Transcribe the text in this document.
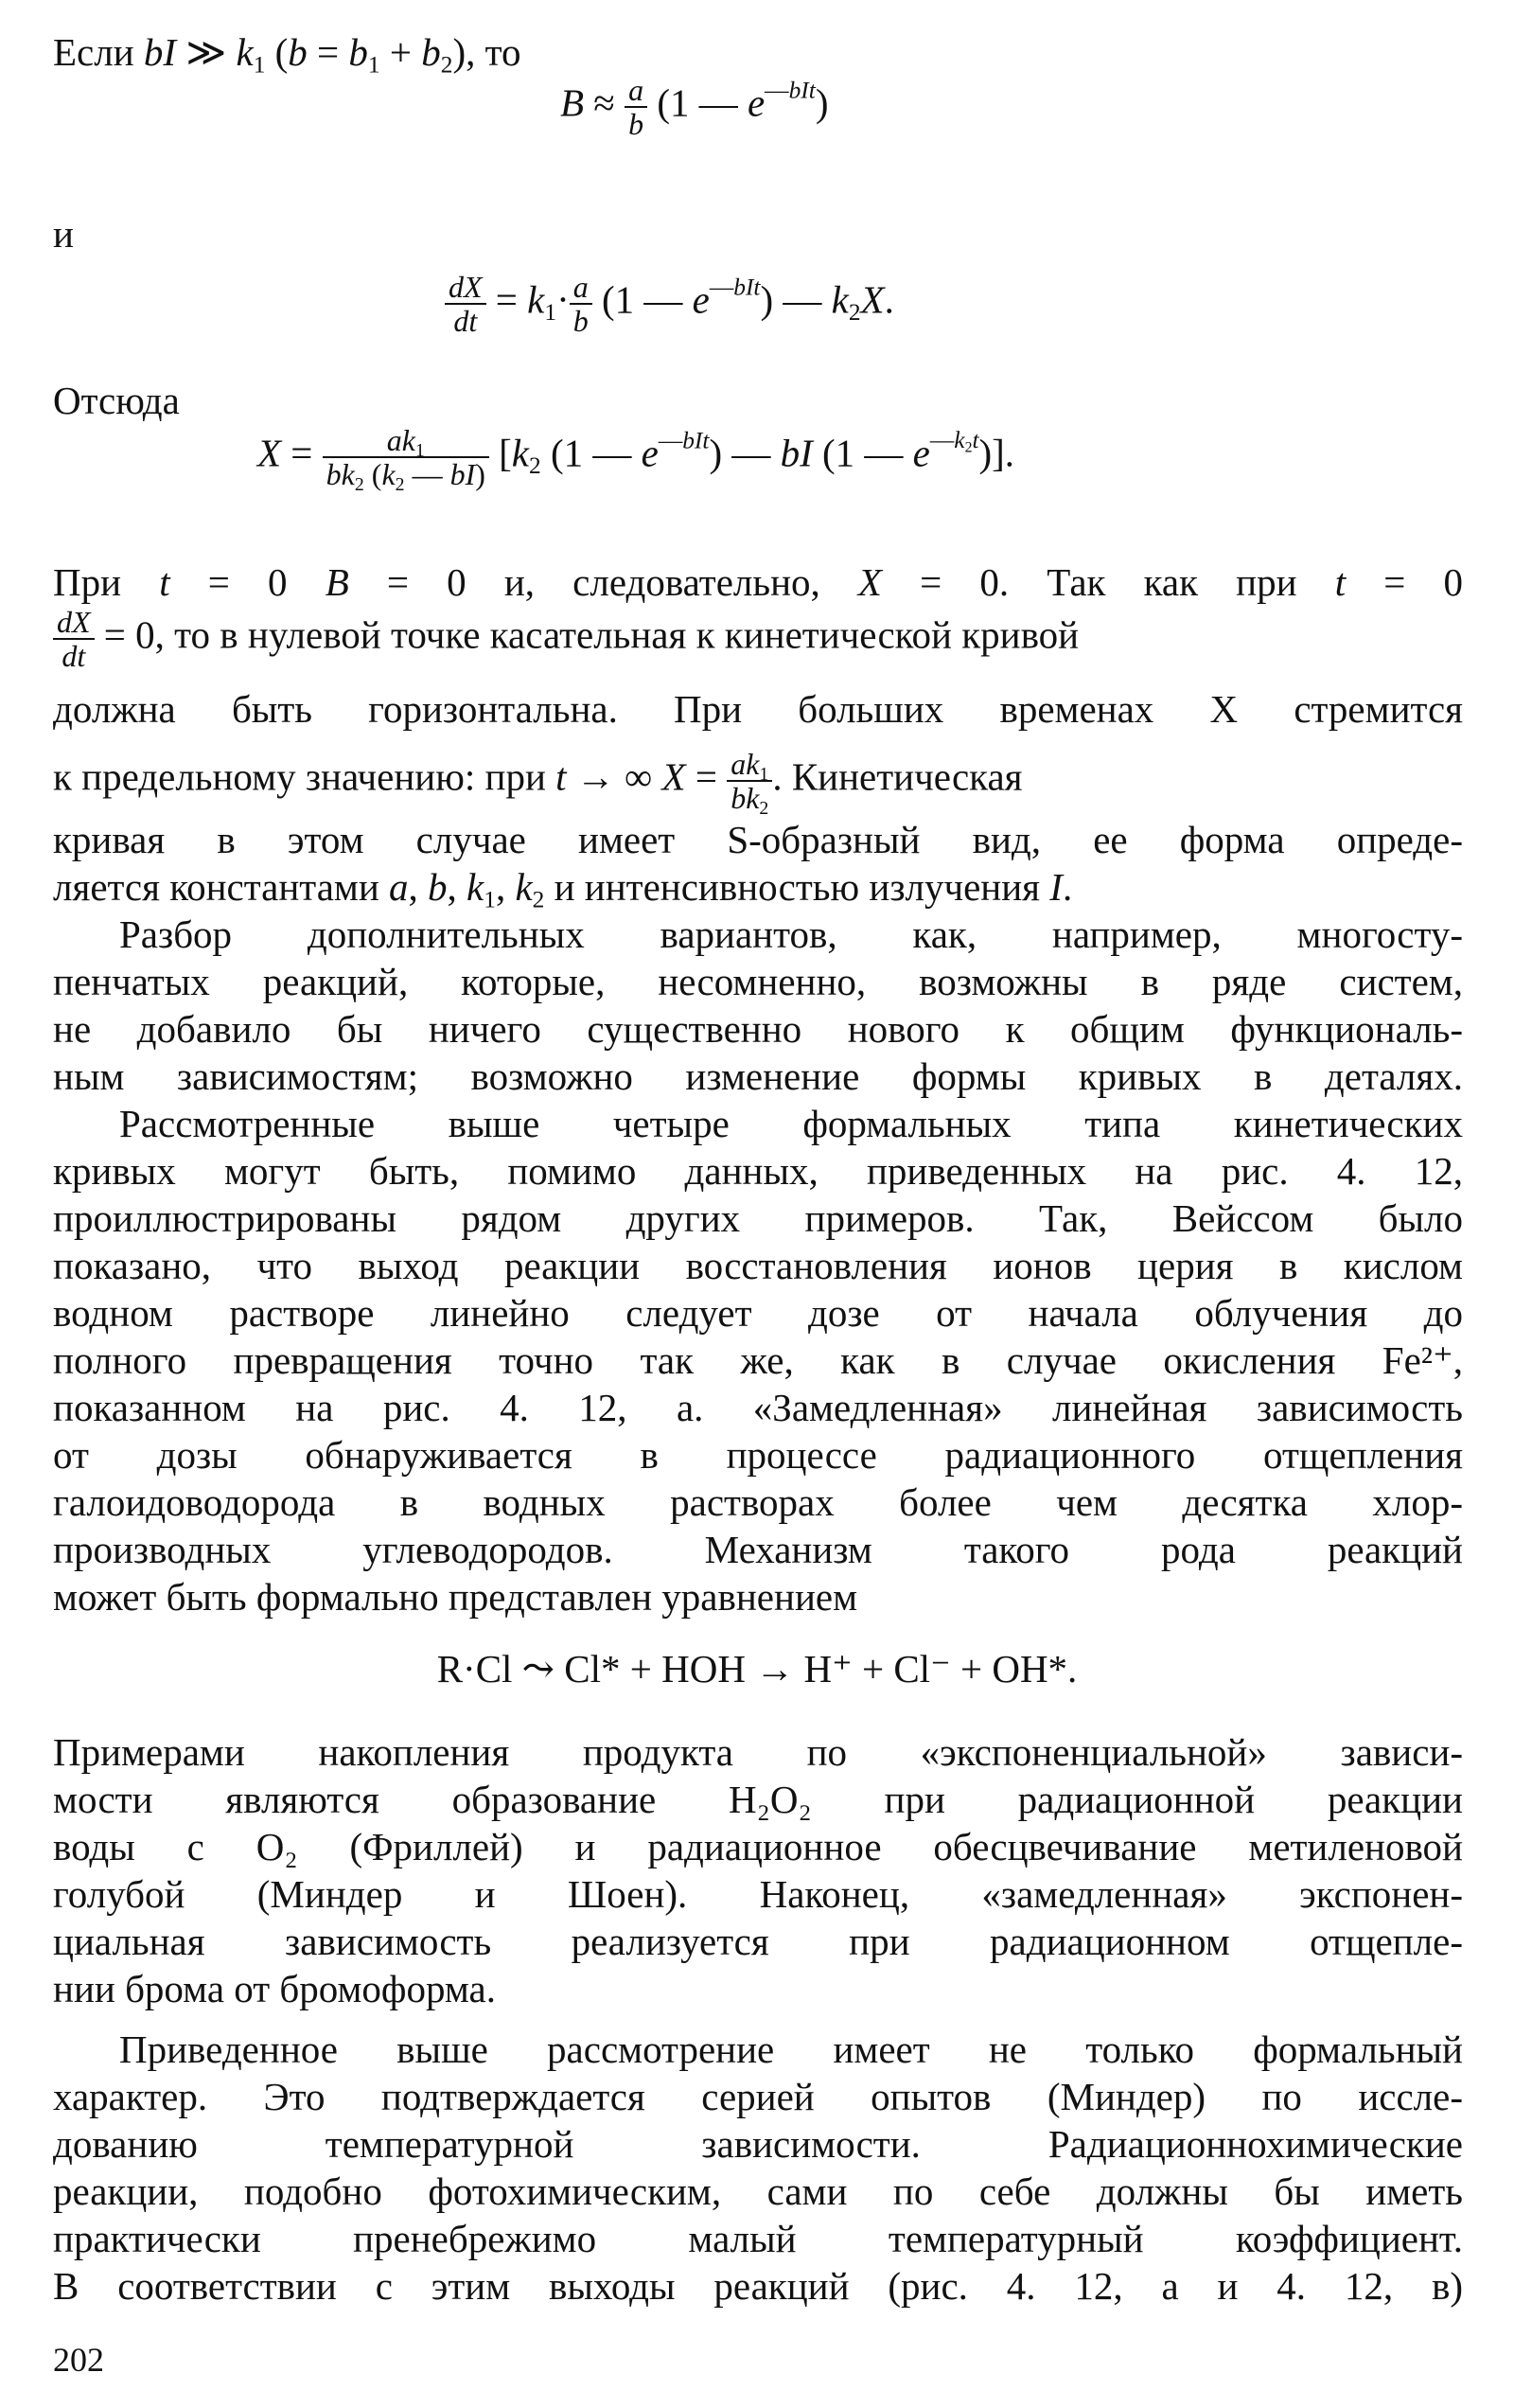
Если bI ≫ $k_1$ $(b = b_1 + b_2)$, то
$B \approx \frac{a}{b} (1$ — $e^{—bIt}$)
и
$\frac{dX}{dt} = k_1\cdot \frac{a}{b} (1$ — $e^{—bIt}$) — $k_2X$.
Отсюда
$X = \frac{ak_1}{bk_2 (k_2 — bI)} [k_2$ (1 — $e^{—bIt}$) — bI (1 — $e^{—k_2t}$)].
При t = 0 B = 0 и, следовательно, X = 0. Так как при t = 0
$\frac{dX}{dt} = 0$, то в нулевой точке касательная к кинетической кривой
должна быть горизонтальна. При больших временах X стремится
к предельному значению: при t → ∞ $X = \frac{ak_1}{bk_2}$ . Кинетическая
кривая в этом случае имеет S-образный вид, ее форма опреде-
ляется константами a, b, $k_1$, $k_2$ и интенсивностью излучения I.
Разбор дополнительных вариантов, как, например, многосту-
пенчатых реакций, которые, несомненно, возможны в ряде систем,
не добавило бы ничего существенно нового к общим функциональ-
ным зависимостям; возможно изменение формы кривых в деталях.
Рассмотренные выше четыре формальных типа кинетических
кривых могут быть, помимо данных, приведенных на рис. 4. 12,
проиллюстрированы рядом других примеров. Так, Вейссом было
показано, что выход реакции восстановления ионов церия в кислом
водном растворе линейно следует дозе от начала облучения до
полного превращения точно так же, как в случае окисления Fe²⁺,
показанном на рис. 4. 12, а. «Замедленная» линейная зависимость
от дозы обнаруживается в процессе радиационного отщепления
галоидоводорода в водных растворах более чем десятка хлор-
производных углеводородов. Механизм такого рода реакций
может быть формально представлен уравнением
R·Cl ⤳ Cl* + HOH → H⁺ + Cl⁻ + OH*.
Примерами накопления продукта по «экспоненциальной» зависи-
мости являются образование H₂O₂ при радиационной реакции
воды с O₂ (Фриллей) и радиационное обесцвечивание метиленовой
голубой (Миндер и Шоен). Наконец, «замедленная» экспонен-
циальная зависимость реализуется при радиационном отщепле-
нии брома от бромоформа.
Приведенное выше рассмотрение имеет не только формальный
характер. Это подтверждается серией опытов (Миндер) по иссле-
дованию температурной зависимости. Радиационнохимические
реакции, подобно фотохимическим, сами по себе должны бы иметь
практически пренебрежимо малый температурный коэффициент.
В соответствии с этим выходы реакций (рис. 4. 12, а и 4. 12, в)
202
